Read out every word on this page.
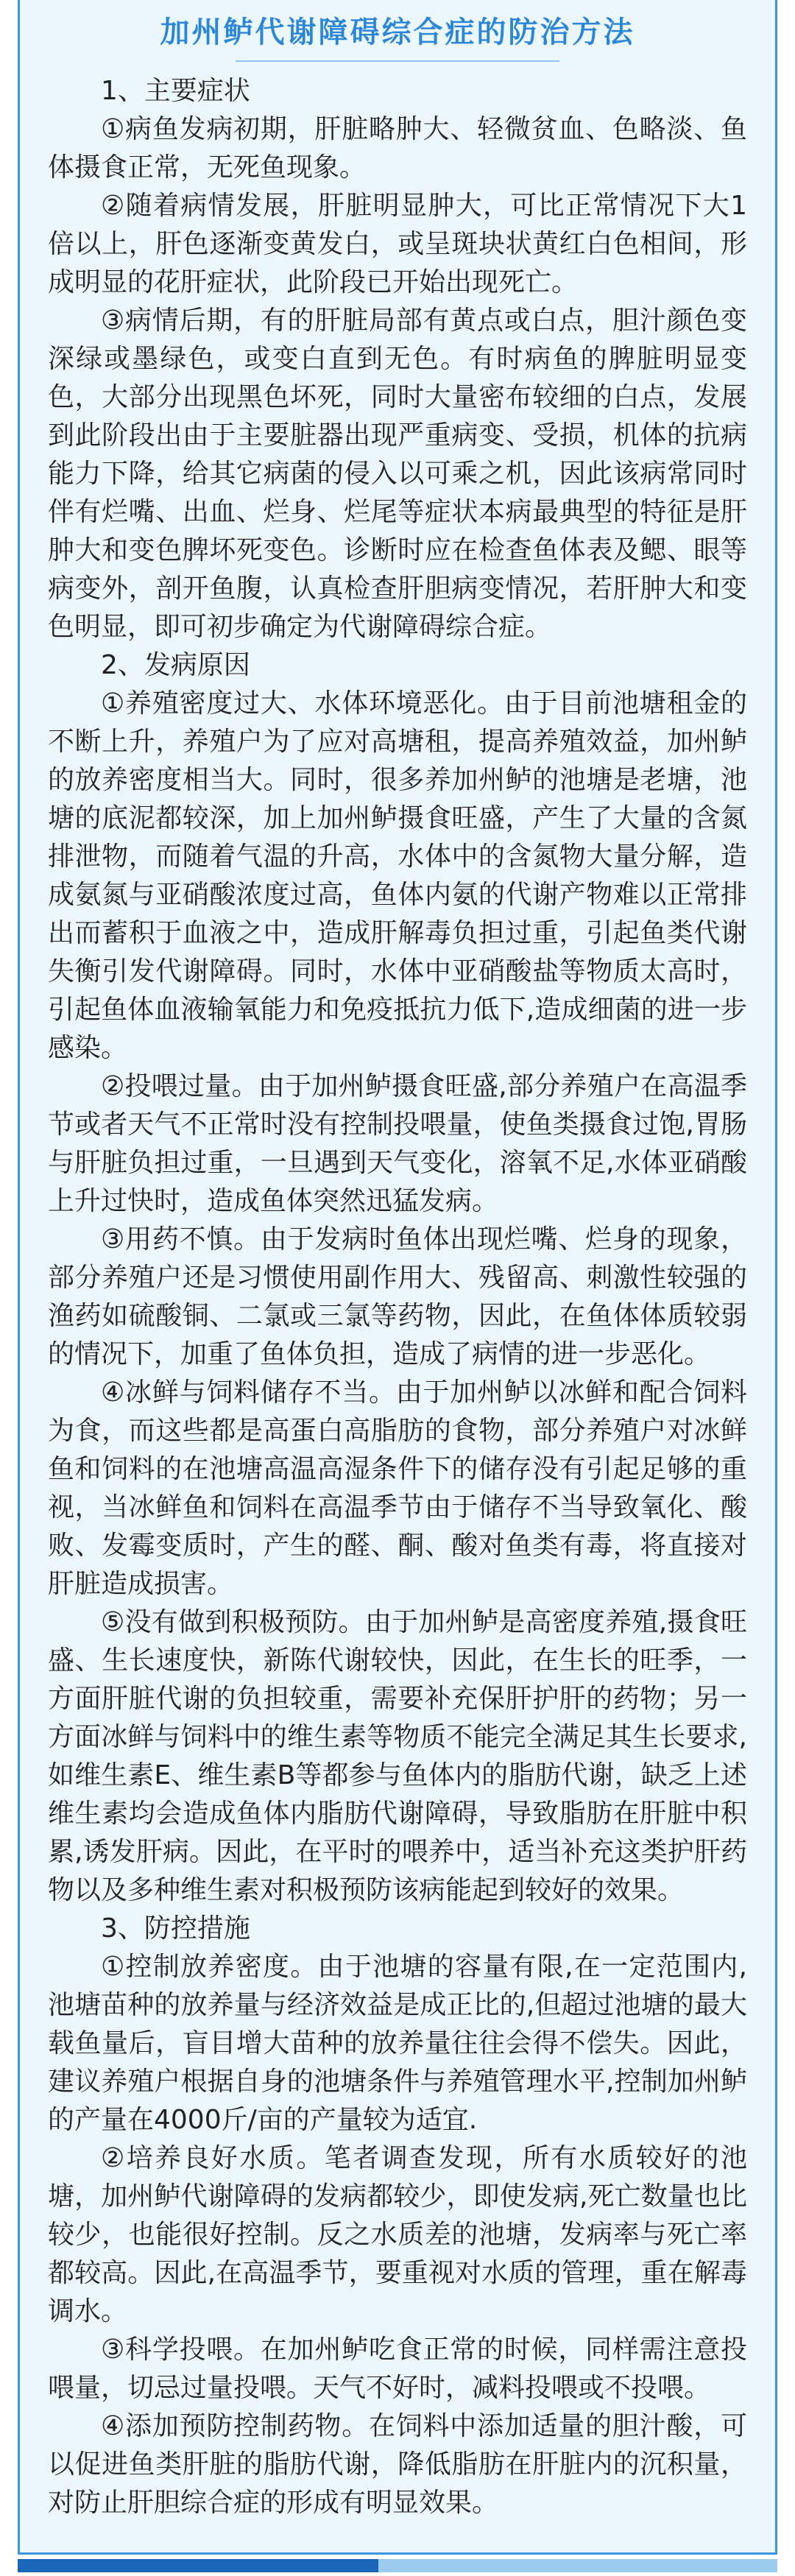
加州鲈代谢障碍综合症的防治方法

1、主要症状

①病鱼发病初期，肝脏略肿大、轻微贫血、色略淡、鱼体摄食正常，无死鱼现象。

②随着病情发展，肝脏明显肿大，可比正常情况下大1倍以上，肝色逐渐变黄发白，或呈斑块状黄红白色相间，形成明显的花肝症状，此阶段已开始出现死亡。

③病情后期，有的肝脏局部有黄点或白点，胆汁颜色变深绿或墨绿色，或变白直到无色。有时病鱼的脾脏明显变色，大部分出现黑色坏死，同时大量密布较细的白点，发展到此阶段出由于主要脏器出现严重病变、受损，机体的抗病能力下降，给其它病菌的侵入以可乘之机，因此该病常同时伴有烂嘴、出血、烂身、烂尾等症状本病最典型的特征是肝肿大和变色脾坏死变色。诊断时应在检查鱼体表及鳃、眼等病变外，剖开鱼腹，认真检查肝胆病变情况，若肝肿大和变色明显，即可初步确定为代谢障碍综合症。

2、发病原因

①养殖密度过大、水体环境恶化。由于目前池塘租金的不断上升，养殖户为了应对高塘租，提高养殖效益，加州鲈的放养密度相当大。同时，很多养加州鲈的池塘是老塘，池塘的底泥都较深，加上加州鲈摄食旺盛，产生了大量的含氮排泄物，而随着气温的升高，水体中的含氮物大量分解，造成氨氮与亚硝酸浓度过高，鱼体内氨的代谢产物难以正常排出而蓄积于血液之中，造成肝解毒负担过重，引起鱼类代谢失衡引发代谢障碍。同时，水体中亚硝酸盐等物质太高时，引起鱼体血液输氧能力和免疫抵抗力低下,造成细菌的进一步感染。

②投喂过量。由于加州鲈摄食旺盛,部分养殖户在高温季节或者天气不正常时没有控制投喂量，使鱼类摄食过饱,胃肠与肝脏负担过重，一旦遇到天气变化，溶氧不足,水体亚硝酸上升过快时，造成鱼体突然迅猛发病。

③用药不慎。由于发病时鱼体出现烂嘴、烂身的现象，部分养殖户还是习惯使用副作用大、残留高、刺激性较强的渔药如硫酸铜、二氯或三氯等药物，因此，在鱼体体质较弱的情况下，加重了鱼体负担，造成了病情的进一步恶化。

④冰鲜与饲料储存不当。由于加州鲈以冰鲜和配合饲料为食，而这些都是高蛋白高脂肪的食物，部分养殖户对冰鲜鱼和饲料的在池塘高温高湿条件下的储存没有引起足够的重视，当冰鲜鱼和饲料在高温季节由于储存不当导致氧化、酸败、发霉变质时，产生的醛、酮、酸对鱼类有毒，将直接对肝脏造成损害。

⑤没有做到积极预防。由于加州鲈是高密度养殖,摄食旺盛、生长速度快，新陈代谢较快，因此，在生长的旺季，一方面肝脏代谢的负担较重，需要补充保肝护肝的药物；另一方面冰鲜与饲料中的维生素等物质不能完全满足其生长要求,如维生素E、维生素B等都参与鱼体内的脂肪代谢，缺乏上述维生素均会造成鱼体内脂肪代谢障碍，导致脂肪在肝脏中积累,诱发肝病。因此，在平时的喂养中，适当补充这类护肝药物以及多种维生素对积极预防该病能起到较好的效果。

3、防控措施

①控制放养密度。由于池塘的容量有限,在一定范围内,池塘苗种的放养量与经济效益是成正比的,但超过池塘的最大载鱼量后，盲目增大苗种的放养量往往会得不偿失。因此，建议养殖户根据自身的池塘条件与养殖管理水平,控制加州鲈的产量在4000斤/亩的产量较为适宜.

②培养良好水质。笔者调查发现，所有水质较好的池塘，加州鲈代谢障碍的发病都较少，即使发病,死亡数量也比较少，也能很好控制。反之水质差的池塘，发病率与死亡率都较高。因此,在高温季节，要重视对水质的管理，重在解毒调水。

③科学投喂。在加州鲈吃食正常的时候，同样需注意投喂量，切忌过量投喂。天气不好时，减料投喂或不投喂。

④添加预防控制药物。在饲料中添加适量的胆汁酸，可以促进鱼类肝脏的脂肪代谢，降低脂肪在肝脏内的沉积量，对防止肝胆综合症的形成有明显效果。
